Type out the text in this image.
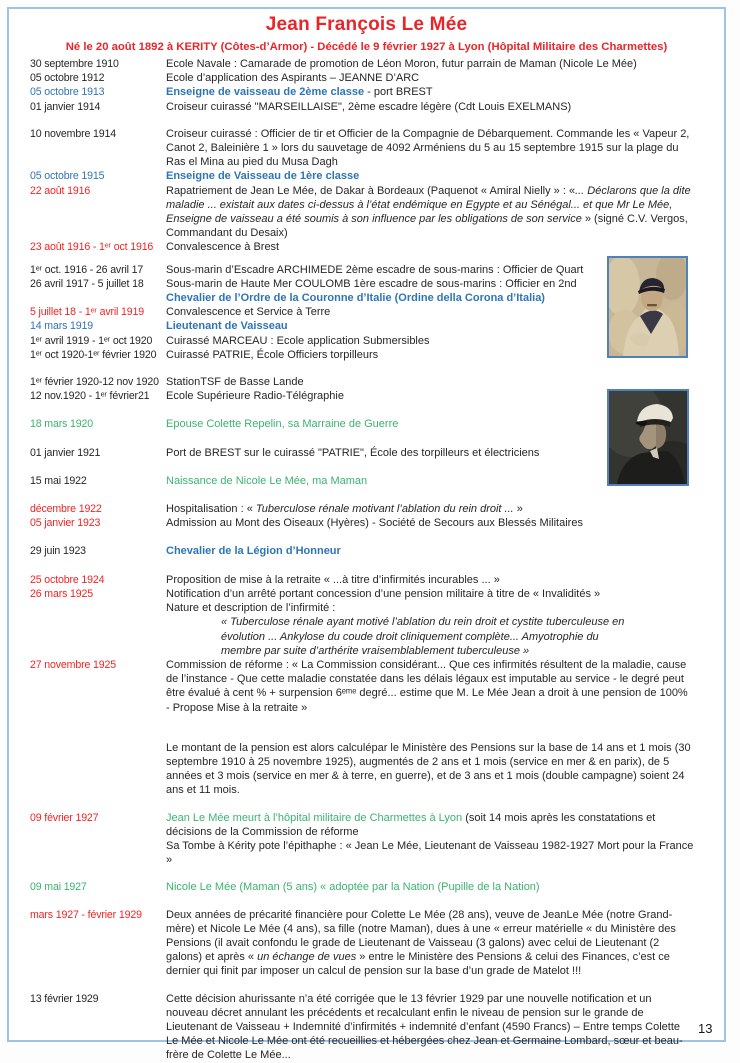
Jean François Le Mée
Né le 20 août 1892 à KERITY (Côtes-d’Armor) - Décédé le 9 février 1927 à Lyon (Hôpital Militaire des Charmettes)
30 septembre 1910	Ecole Navale : Camarade de promotion de Léon Moron, futur parrain de Maman (Nicole Le Mée)
05 octobre 1912	Ecole d’application des Aspirants – JEANNE D’ARC
05 octobre 1913	Enseigne de vaisseau de 2ème classe - port BREST
01 janvier 1914	Croiseur cuirassé "MARSEILLAISE", 2ème escadre légère (Cdt Louis EXELMANS)
10 novembre 1914	Croiseur cuirassé : Officier de tir et Officier de la Compagnie de Débarquement. Commande les « Vapeur 2, Canot 2, Baleinière 1 » lors du sauvetage de 4092 Arméniens du 5 au 15 septembre 1915 sur la plage du Ras el Mina au pied du Musa Dagh
05 octobre 1915	Enseigne de Vaisseau de 1ère classe
22 août 1916	Rapatriement de Jean Le Mée, de Dakar à Bordeaux (Paquenot « Amiral Nielly » : «... Déclarons que la dite maladie ... existait aux dates ci-dessus à l’état endémique en Egypte et au Sénégal... et que Mr Le Mée, Enseigne de vaisseau a été soumis à son influence par les obligations de son service » (signé C.V. Vergos, Commandant du Desaix)
23 août 1916 - 1ᵉʳ oct 1916	Convalescence à Brest
1ᵉʳ oct. 1916 - 26 avril 17	Sous-marin d’Escadre ARCHIMEDE 2ème escadre de sous-marins : Officier de Quart
26 avril 1917 - 5 juillet 18	Sous-marin de Haute Mer COULOMB 1ère escadre de sous-marins : Officier en 2nd
Chevalier de l’Ordre de la Couronne d’Italie (Ordine della Corona d’Italia)
5 juillet 18 - 1ᵉʳ avril 1919	Convalescence et Service à Terre
14 mars 1919	Lieutenant de Vaisseau
1ᵉʳ avril 1919 - 1ᵉʳ oct 1920	Cuirassé MARCEAU : Ecole application Submersibles
1ᵉʳ oct 1920-1ᵉʳ février 1920 Cuirassé PATRIE, École Officiers torpilleurs
1ᵉʳ février 1920-12 nov 1920 StationTSF de Basse Lande
12 nov.1920 - 1ᵉʳ février21	Ecole Supérieure Radio-Télégraphie
18 mars 1920	Epouse Colette Repelin, sa Marraine de Guerre
01 janvier 1921	Port de BREST sur le cuirassé "PATRIE", École des torpilleurs et électriciens
15 mai 1922	Naissance de Nicole Le Mée, ma Maman
décembre 1922	Hospitalisation : « Tuberculose rénale motivant l’ablation du rein droit ... »
05 janvier 1923	Admission au Mont des Oiseaux (Hyères) - Société de Secours aux Blessés Militaires
29 juin 1923	Chevalier de la Légion d’Honneur
25 octobre 1924	Proposition de mise à la retraite « ...à titre d’infirmités incurables ... »
26 mars 1925	Notification d’un arrêté portant concession d’une pension militaire à titre de « Invalidités »
Nature et description de l’infirmité :
« Tuberculose rénale ayant motivé l’ablation du rein droit et cystite tuberculeuse en évolution ... Ankylose du coude droit cliniquement complète... Amyotrophie du membre par suite d’arthérite vraisemblablement tuberculeuse »
27 novembre 1925	Commission de réforme : « La Commission considérant... Que ces infirmités résultent de la maladie, cause de l’instance - Que cette maladie constatée dans les délais légaux est imputable au service - le degré peut être évalué à cent % + surpension 6ᵉᵐᵉ degré... estime que M. Le Mée Jean a droit à une pension de 100% - Propose Mise à la retraite »
Le montant de la pension est alors calculépar le Ministère des Pensions sur la base de 14 ans et 1 mois (30 septembre 1910 à 25 novembre 1925), augmentés de 2 ans et 1 mois (service en mer & en parix), de 5 années et 3 mois (service en mer & à terre, en guerre), et de 3 ans et 1 mois (double campagne) soient 24 ans et 11 mois.
09 février 1927	Jean Le Mée meurt à l’hôpital militaire de Charmettes à Lyon (soit 14 mois après les constatations et décisions de la Commission de réforme
Sa Tombe à Kérity pote l’épithaphe : « Jean Le Mée, Lieutenant de Vaisseau 1982-1927 Mort pour la France »
09 mai 1927	Nicole Le Mée (Maman (5 ans) « adoptée par la Nation (Pupille de la Nation)
mars 1927 - février 1929	Deux années de précarité financière pour Colette Le Mée (28 ans), veuve de JeanLe Mée (notre Grand-mère) et Nicole Le Mée (4 ans), sa fille (notre Maman), dues à une « erreur matérielle « du Ministère des Pensions (il avait confondu le grade de Lieutenant de Vaisseau (3 galons) avec celui de Lieutenant (2 galons) et après « un échange de vues » entre le Ministère des Pensions & celui des Finances, c’est ce dernier qui finit par imposer un calcul de pension sur la base d’un grade de Matelot !!!
13 février 1929	Cette décision ahurissante n’a été corrigée que le 13 février 1929 par une nouvelle notification et un nouveau décret annulant les précédents et recalculant enfin le niveau de pension sur le grande de Lieutenant de Vaisseau + Indemnité d’infirmités + indemnité d’enfant (4590 Francs) – Entre temps Colette Le Mée et Nicole Le Mée ont été recueillies et hébergées chez Jean et Germaine Lombard, sœur et beau-frère de Colette Le Mée...
13
